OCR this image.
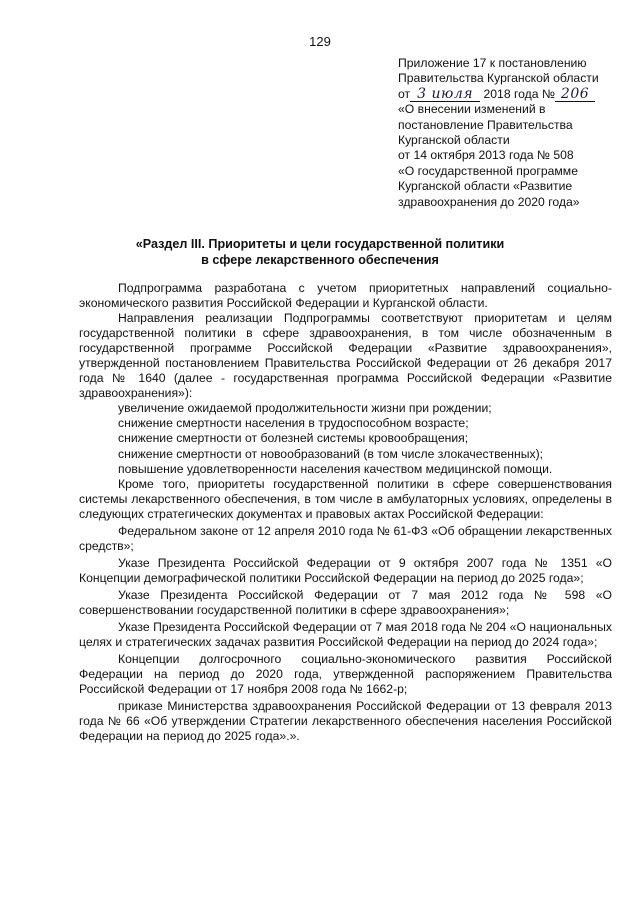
129
Приложение 17 к постановлению
Правительства Курганской области
от 3 июля 2018 года № 206
«О внесении изменений в
постановление Правительства
Курганской области
от 14 октября 2013 года № 508
«О государственной программе
Курганской области «Развитие
здравоохранения до 2020 года»
«Раздел III. Приоритеты и цели государственной политики
в сфере лекарственного обеспечения

Подпрограмма разработана с учетом приоритетных направлений социально-экономического развития Российской Федерации и Курганской области.

Направления реализации Подпрограммы соответствуют приоритетам и целям государственной политики в сфере здравоохранения, в том числе обозначенным в государственной программе Российской Федерации «Развитие здравоохранения», утвержденной постановлением Правительства Российской Федерации от 26 декабря 2017 года № 1640 (далее - государственная программа Российской Федерации «Развитие здравоохранения»):

увеличение ожидаемой продолжительности жизни при рождении;

снижение смертности населения в трудоспособном возрасте;

снижение смертности от болезней системы кровообращения;

снижение смертности от новообразований (в том числе злокачественных);

повышение удовлетворенности населения качеством медицинской помощи.

Кроме того, приоритеты государственной политики в сфере совершенствования системы лекарственного обеспечения, в том числе в амбулаторных условиях, определены в следующих стратегических документах и правовых актах Российской Федерации:

Федеральном законе от 12 апреля 2010 года № 61-ФЗ «Об обращении лекарственных средств»;

Указе Президента Российской Федерации от 9 октября 2007 года № 1351 «О Концепции демографической политики Российской Федерации на период до 2025 года»;

Указе Президента Российской Федерации от 7 мая 2012 года № 598 «О совершенствовании государственной политики в сфере здравоохранения»;

Указе Президента Российской Федерации от 7 мая 2018 года № 204 «О национальных целях и стратегических задачах развития Российской Федерации на период до 2024 года»;

Концепции долгосрочного социально-экономического развития Российской Федерации на период до 2020 года, утвержденной распоряжением Правительства Российской Федерации от 17 ноября 2008 года № 1662-р;

приказе Министерства здравоохранения Российской Федерации от 13 февраля 2013 года № 66 «Об утверждении Стратегии лекарственного обеспечения населения Российской Федерации на период до 2025 года».».
